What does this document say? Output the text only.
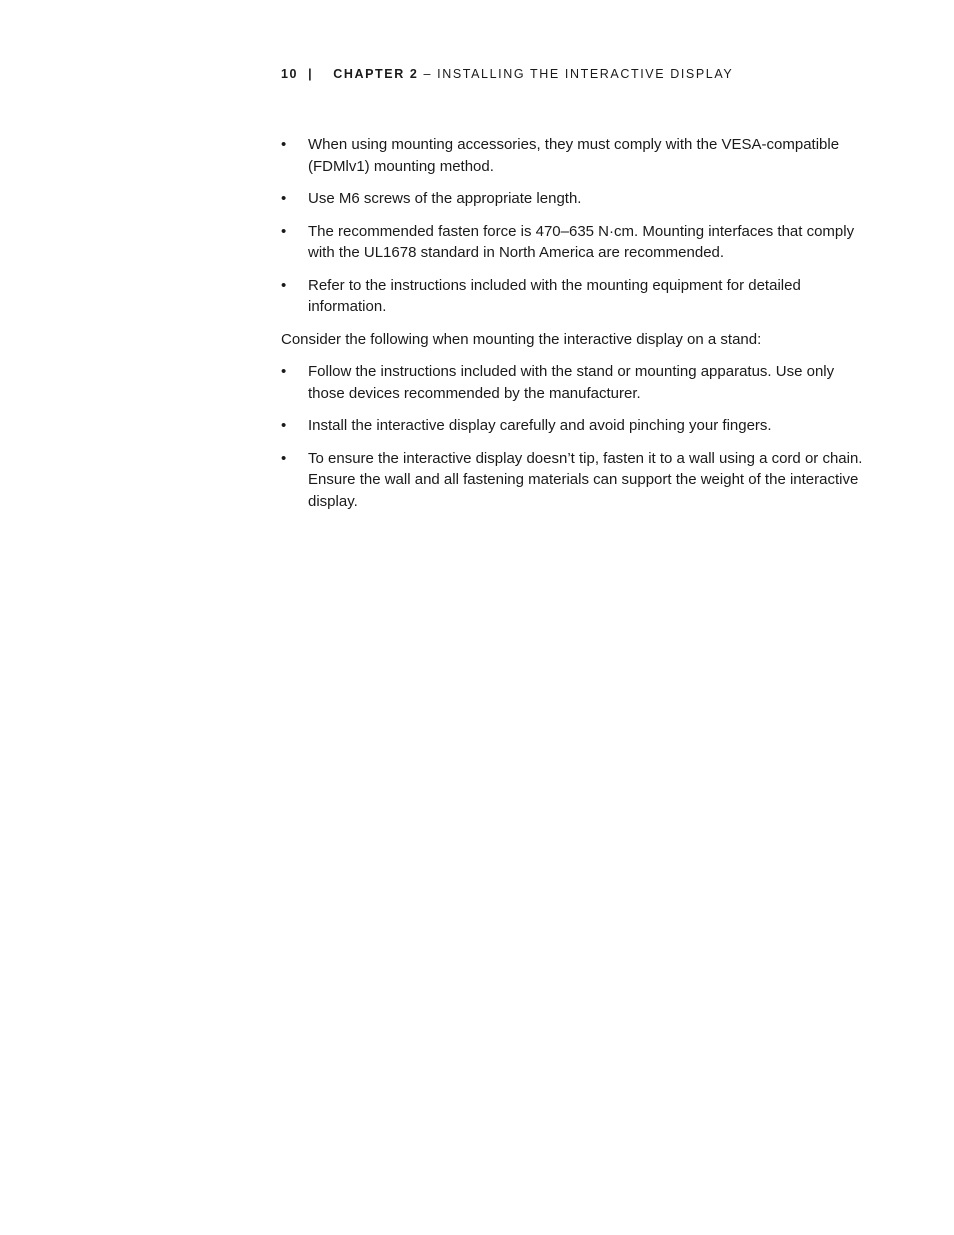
10 | CHAPTER 2 – INSTALLING THE INTERACTIVE DISPLAY
• When using mounting accessories, they must comply with the VESA-compatible (FDMlv1) mounting method.
• Use M6 screws of the appropriate length.
• The recommended fasten force is 470–635 N·cm. Mounting interfaces that comply with the UL1678 standard in North America are recommended.
• Refer to the instructions included with the mounting equipment for detailed information.

Consider the following when mounting the interactive display on a stand:

• Follow the instructions included with the stand or mounting apparatus. Use only those devices recommended by the manufacturer.
• Install the interactive display carefully and avoid pinching your fingers.
• To ensure the interactive display doesn’t tip, fasten it to a wall using a cord or chain. Ensure the wall and all fastening materials can support the weight of the interactive display.
